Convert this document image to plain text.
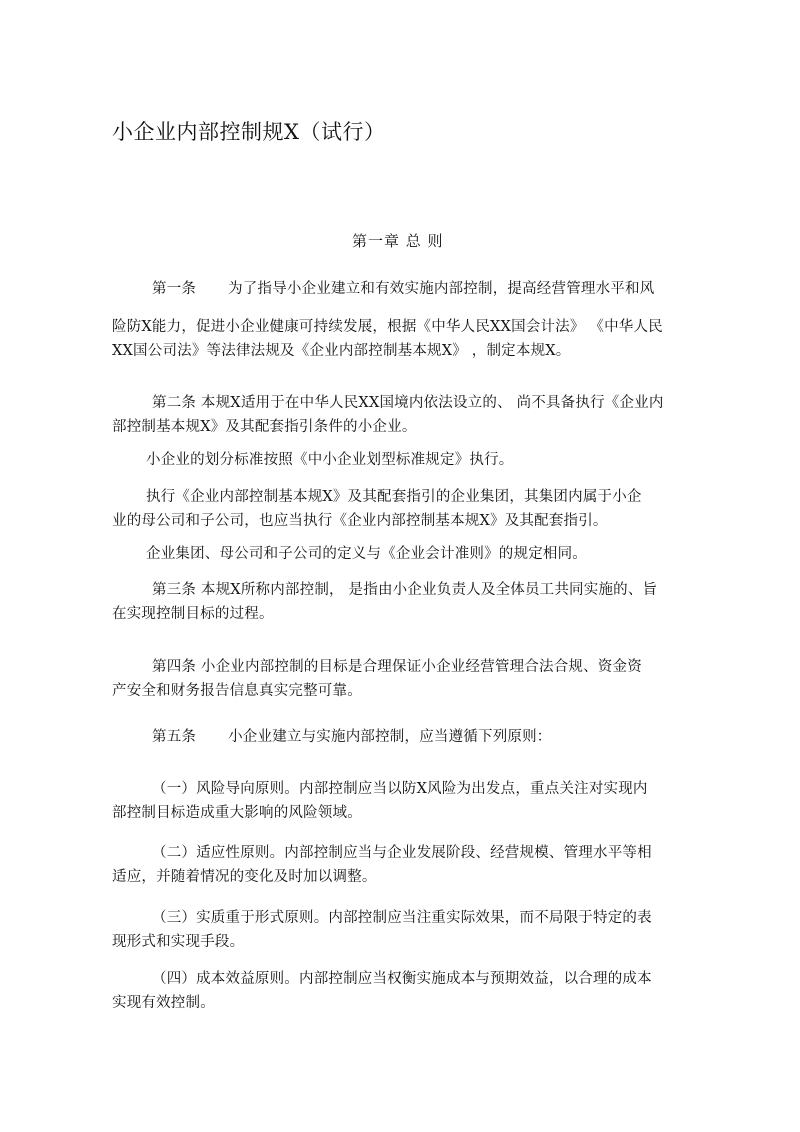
小企业内部控制规X（试行）
第一章 总 则
第一条 为了指导小企业建立和有效实施内部控制，提高经营管理水平和风
险防X能力，促进小企业健康可持续发展，根据《中华人民XX国会计法》 《中华人民
XX国公司法》等法律法规及《企业内部控制基本规X》 ，制定本规X。
第二条 本规X适用于在中华人民XX国境内依法设立的、 尚不具备执行《企业内
部控制基本规X》及其配套指引条件的小企业。
小企业的划分标准按照《中小企业划型标准规定》执行。
执行《企业内部控制基本规X》及其配套指引的企业集团，其集团内属于小企
业的母公司和子公司，也应当执行《企业内部控制基本规X》及其配套指引。
企业集团、母公司和子公司的定义与《企业会计准则》的规定相同。
第三条 本规X所称内部控制， 是指由小企业负责人及全体员工共同实施的、旨
在实现控制目标的过程。
第四条 小企业内部控制的目标是合理保证小企业经营管理合法合规、资金资
产安全和财务报告信息真实完整可靠。
第五条 小企业建立与实施内部控制，应当遵循下列原则：
（一）风险导向原则。内部控制应当以防X风险为出发点，重点关注对实现内
部控制目标造成重大影响的风险领域。
（二）适应性原则。内部控制应当与企业发展阶段、经营规模、管理水平等相
适应，并随着情况的变化及时加以调整。
（三）实质重于形式原则。内部控制应当注重实际效果，而不局限于特定的表
现形式和实现手段。
（四）成本效益原则。内部控制应当权衡实施成本与预期效益，以合理的成本
实现有效控制。
